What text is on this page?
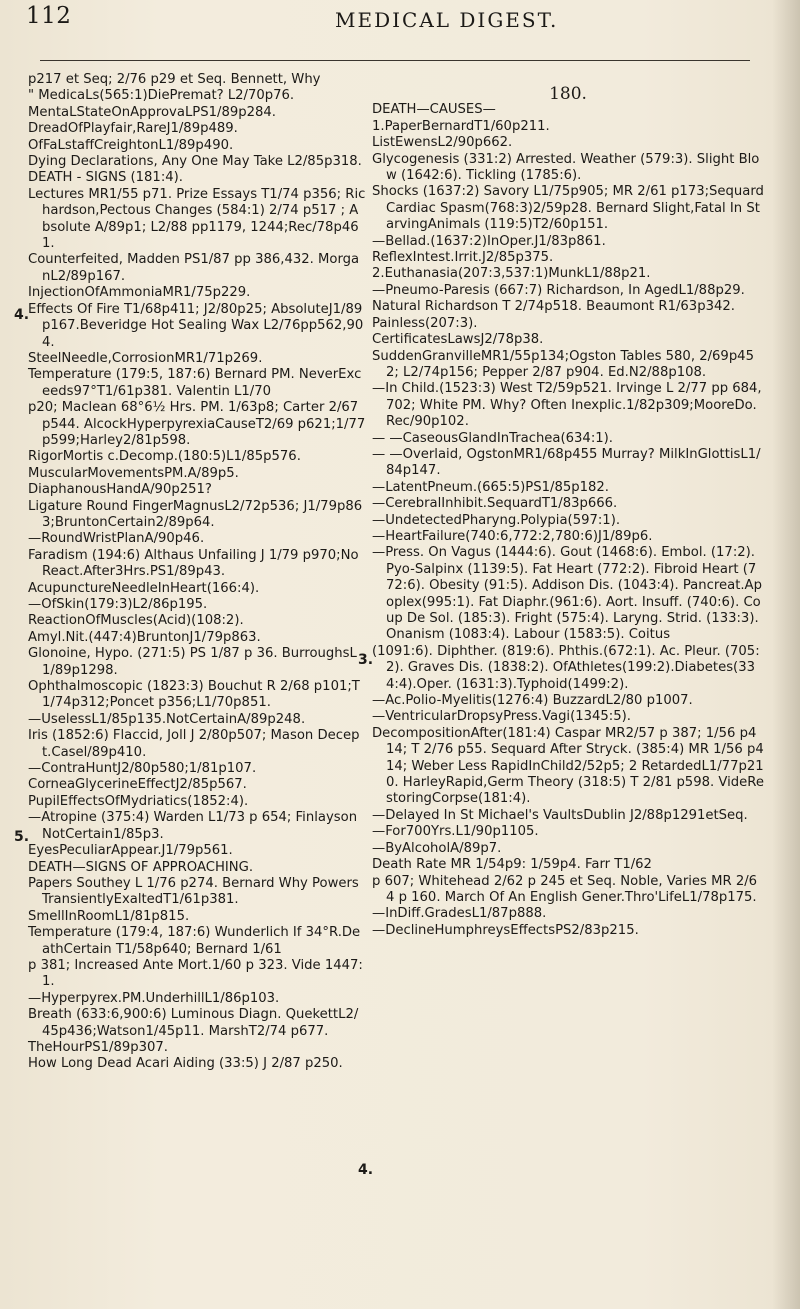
112	MEDICAL DIGEST.

p217 et Seq; 2/76 p29 et Seq. Bennett, Why

" MedicaLs(565:1)DiePremat? L2/70p76.

MentaLStateOnApprovaLPS1/89p284.

DreadOfPlayfair,RareJ1/89p489.

OfFaLstaffCreightonL1/89p490.

Dying Declarations, Any One May Take L2/85p318.

DEATH - SIGNS (181:4).

Lectures MR1/55 p71. Prize Essays T1/74 p356; Richardson,Pectous Changes (584:1) 2/74 p517 ; Absolute A/89p1; L2/88 pp1179, 1244;Rec/78p461.

Counterfeited, Madden PS1/87 pp 386,432. MorganL2/89p167.

InjectionOfAmmoniaMR1/75p229.

Effects Of Fire T1/68p411; J2/80p25; AbsoluteJ1/89p167.Beveridge Hot Sealing Wax L2/76pp562,904.

SteelNeedle,CorrosionMR1/71p269.

Temperature (179:5, 187:6) Bernard PM. NeverExceeds97°T1/61p381. Valentin L1/70

p20; Maclean 68°6½ Hrs. PM. 1/63p8; Carter 2/67p544. AlcockHyperpyrexiaCauseT2/69 p621;1/77p599;Harley2/81p598.

RigorMortis c.Decomp.(180:5)L1/85p576.

MuscularMovementsPM.A/89p5.

DiaphanousHandA/90p251?

Ligature Round FingerMagnusL2/72p536; J1/79p863;BruntonCertain2/89p64.

—RoundWristPlanA/90p46.

Faradism (194:6) Althaus Unfailing J 1/79 p970;NoReact.After3Hrs.PS1/89p43.

AcupunctureNeedleInHeart(166:4).

—OfSkin(179:3)L2/86p195.

ReactionOfMuscles(Acid)(108:2).

Amyl.Nit.(447:4)BruntonJ1/79p863.

Glonoine, Hypo. (271:5) PS 1/87 p 36. BurroughsL1/89p1298.

Ophthalmoscopic (1823:3) Bouchut R 2/68 p101;T1/74p312;Poncet p356;L1/70p851.

—UselessL1/85p135.NotCertainA/89p248.

Iris (1852:6) Flaccid, Joll J 2/80p507; Mason Decept.Casel/89p410.

—ContraHuntJ2/80p580;1/81p107.

CorneaGlycerineEffectJ2/85p567.

PupilEffectsOfMydriatics(1852:4).

—Atropine (375:4) Warden L1/73 p 654; Finlayson NotCertain1/85p3.

EyesPeculiarAppear.J1/79p561.

DEATH—SIGNS OF APPROACHING.

Papers Southey L 1/76 p274. Bernard Why PowersTransientlyExaltedT1/61p381.

SmellInRoomL1/81p815.

Temperature (179:4, 187:6) Wunderlich If 34°R.DeathCertain T1/58p640; Bernard 1/61

p 381; Increased Ante Mort.1/60 p 323. Vide 1447:1.

—Hyperpyrex.PM.UnderhillL1/86p103.

Breath (633:6,900:6) Luminous Diagn. QuekettL2/45p436;Watson1/45p11. MarshT2/74 p677.

TheHourPS1/89p307.

How Long Dead Acari Aiding (33:5) J 2/87 p250.

4.
5.
180.

DEATH—CAUSES—

1.PaperBernardT1/60p211.

ListEwensL2/90p662.

Glycogenesis (331:2) Arrested. Weather (579:3). Slight Blow (1642:6). Tickling (1785:6).

Shocks (1637:2) Savory L1/75p905; MR 2/61 p173;SequardCardiac Spasm(768:3)2/59p28. Bernard Slight,Fatal In StarvingAnimals (119:5)T2/60p151.

—Bellad.(1637:2)InOper.J1/83p861.

ReflexIntest.Irrit.J2/85p375.

2.Euthanasia(207:3,537:1)MunkL1/88p21.

—Pneumo-Paresis (667:7) Richardson, In AgedL1/88p29.

Natural Richardson T 2/74p518. Beaumont R1/63p342.

Painless(207:3).

CertificatesLawsJ2/78p38.

SuddenGranvilleMR1/55p134;Ogston Tables 580, 2/69p452; L2/74p156; Pepper 2/87 p904. Ed.N2/88p108.

—In Child.(1523:3) West T2/59p521. Irvinge L 2/77 pp 684, 702; White PM. Why? Often Inexplic.1/82p309;MooreDo.Rec/90p102.

— —CaseousGlandInTrachea(634:1).

— —Overlaid, OgstonMR1/68p455 Murray? MilkInGlottisL1/84p147.

—LatentPneum.(665:5)PS1/85p182.

—CerebralInhibit.SequardT1/83p666.

—UndetectedPharyng.Polypia(597:1).

—HeartFailure(740:6,772:2,780:6)J1/89p6.

—Press. On Vagus (1444:6). Gout (1468:6). Embol. (17:2). Pyo-Salpinx (1139:5). Fat Heart (772:2). Fibroid Heart (772:6). Obesity (91:5). Addison Dis. (1043:4). Pancreat.Apoplex(995:1). Fat Diaphr.(961:6). Aort. Insuff. (740:6). Coup De Sol. (185:3). Fright (575:4). Laryng. Strid. (133:3). Onanism (1083:4). Labour (1583:5). Coitus

(1091:6). Diphther. (819:6). Phthis.(672:1). Ac. Pleur. (705:2). Graves Dis. (1838:2). OfAthletes(199:2).Diabetes(334:4).Oper. (1631:3).Typhoid(1499:2).

—Ac.Polio-Myelitis(1276:4) BuzzardL2/80 p1007.

—VentricularDropsyPress.Vagi(1345:5).

DecompositionAfter(181:4) Caspar MR2/57 p 387; 1/56 p414; T 2/76 p55. Sequard After Stryck. (385:4) MR 1/56 p414; Weber Less RapidInChild2/52p5; 2 RetardedL1/77p210. HarleyRapid,Germ Theory (318:5) T 2/81 p598. VideRestoringCorpse(181:4).

—Delayed In St Michael's VaultsDublin J2/88p1291etSeq.

—For700Yrs.L1/90p1105.

—ByAlcoholA/89p7.

Death Rate MR 1/54p9: 1/59p4. Farr T1/62

p 607; Whitehead 2/62 p 245 et Seq. Noble, Varies MR 2/64 p 160. March Of An English Gener.Thro'LifeL1/78p175.

—InDiff.GradesL1/87p888.

—DeclineHumphreysEffectsPS2/83p215.

3.
4.
